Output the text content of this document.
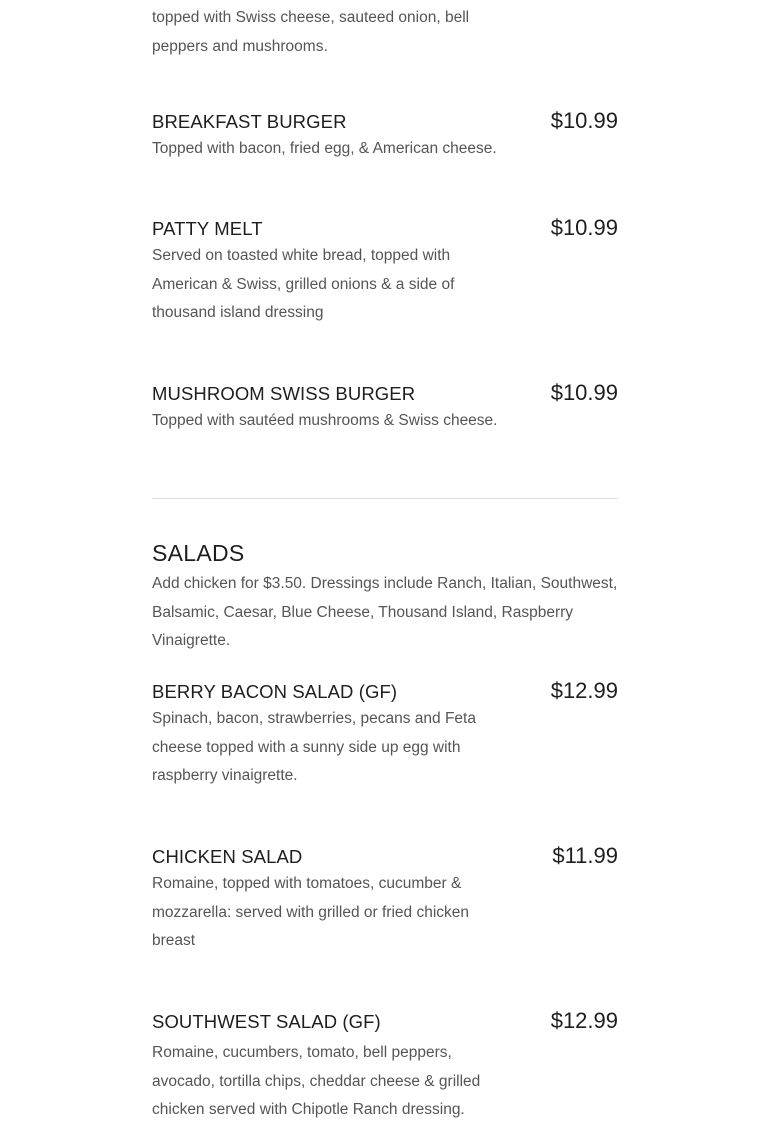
topped with Swiss cheese, sauteed onion, bell peppers and mushrooms.

BREAKFAST BURGER	$10.99

Topped with bacon, fried egg, & American cheese.

PATTY MELT	$10.99

Served on toasted white bread, topped with American & Swiss, grilled onions & a side of thousand island dressing

MUSHROOM SWISS BURGER	$10.99

Topped with sautéed mushrooms & Swiss cheese.

SALADS

Add chicken for $3.50. Dressings include Ranch, Italian, Southwest, Balsamic, Caesar, Blue Cheese, Thousand Island, Raspberry Vinaigrette.

BERRY BACON SALAD (GF)	$12.99

Spinach, bacon, strawberries, pecans and Feta cheese topped with a sunny side up egg with raspberry vinaigrette.

CHICKEN SALAD	$11.99

Romaine, topped with tomatoes, cucumber & mozzarella: served with grilled or fried chicken breast

SOUTHWEST SALAD (GF)	$12.99

Romaine, cucumbers, tomato, bell peppers, avocado, tortilla chips, cheddar cheese & grilled chicken served with Chipotle Ranch dressing.
